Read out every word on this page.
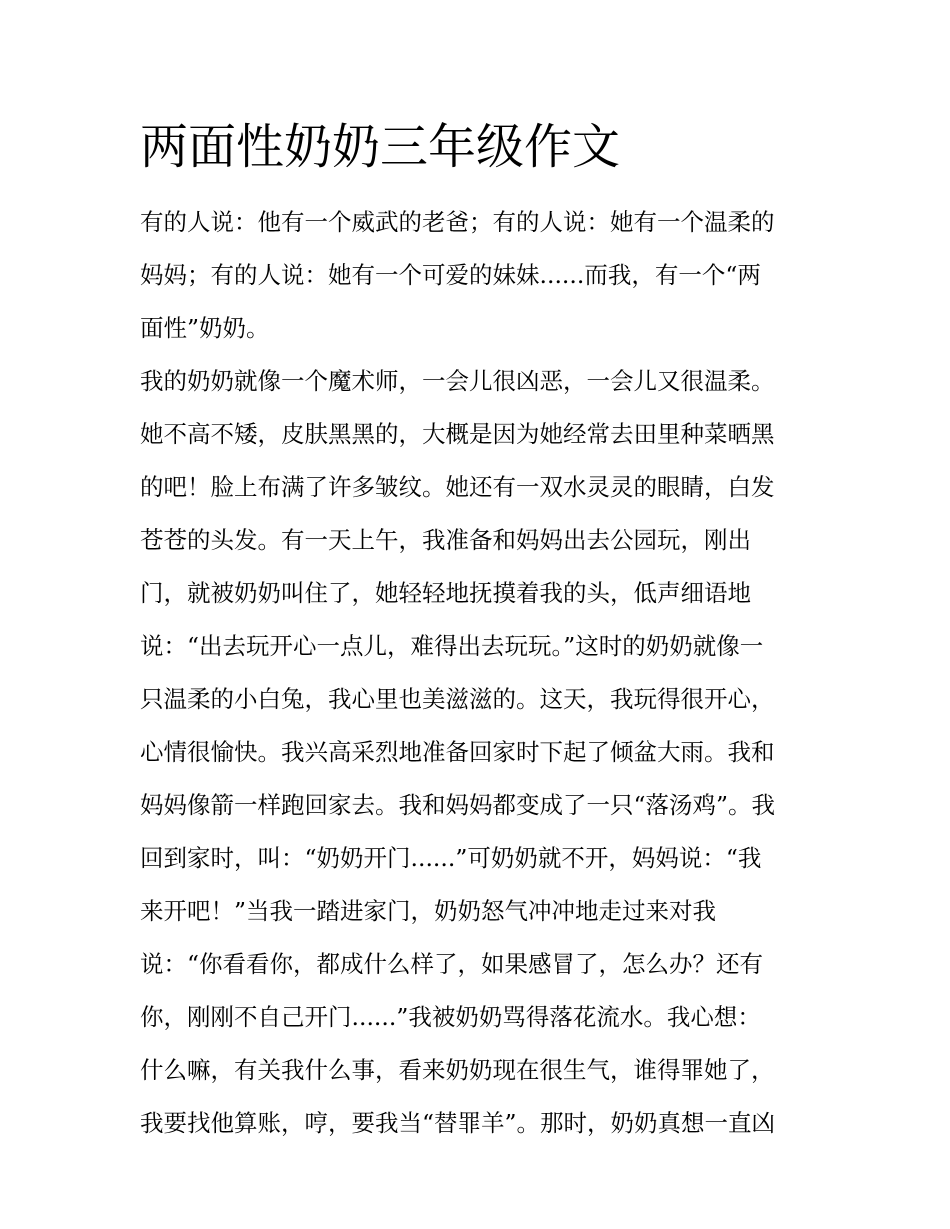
两面性奶奶三年级作文

有的人说：他有一个威武的老爸；有的人说：她有一个温柔的

妈妈；有的人说：她有一个可爱的妹妹......而我，有一个“两

面性”奶奶。

我的奶奶就像一个魔术师，一会儿很凶恶，一会儿又很温柔。

她不高不矮，皮肤黑黑的，大概是因为她经常去田里种菜晒黑

的吧！脸上布满了许多皱纹。她还有一双水灵灵的眼睛，白发

苍苍的头发。有一天上午，我准备和妈妈出去公园玩，刚出

门，就被奶奶叫住了，她轻轻地抚摸着我的头，低声细语地

说：“出去玩开心一点儿，难得出去玩玩。”这时的奶奶就像一

只温柔的小白兔，我心里也美滋滋的。这天，我玩得很开心，

心情很愉快。我兴高采烈地准备回家时下起了倾盆大雨。我和

妈妈像箭一样跑回家去。我和妈妈都变成了一只“落汤鸡”。我

回到家时，叫：“奶奶开门......”可奶奶就不开，妈妈说：“我

来开吧！”当我一踏进家门，奶奶怒气冲冲地走过来对我

说：“你看看你，都成什么样了，如果感冒了，怎么办？还有

你，刚刚不自己开门......”我被奶奶骂得落花流水。我心想：

什么嘛，有关我什么事，看来奶奶现在很生气，谁得罪她了，

我要找他算账，哼，要我当“替罪羊”。那时，奶奶真想一直凶
